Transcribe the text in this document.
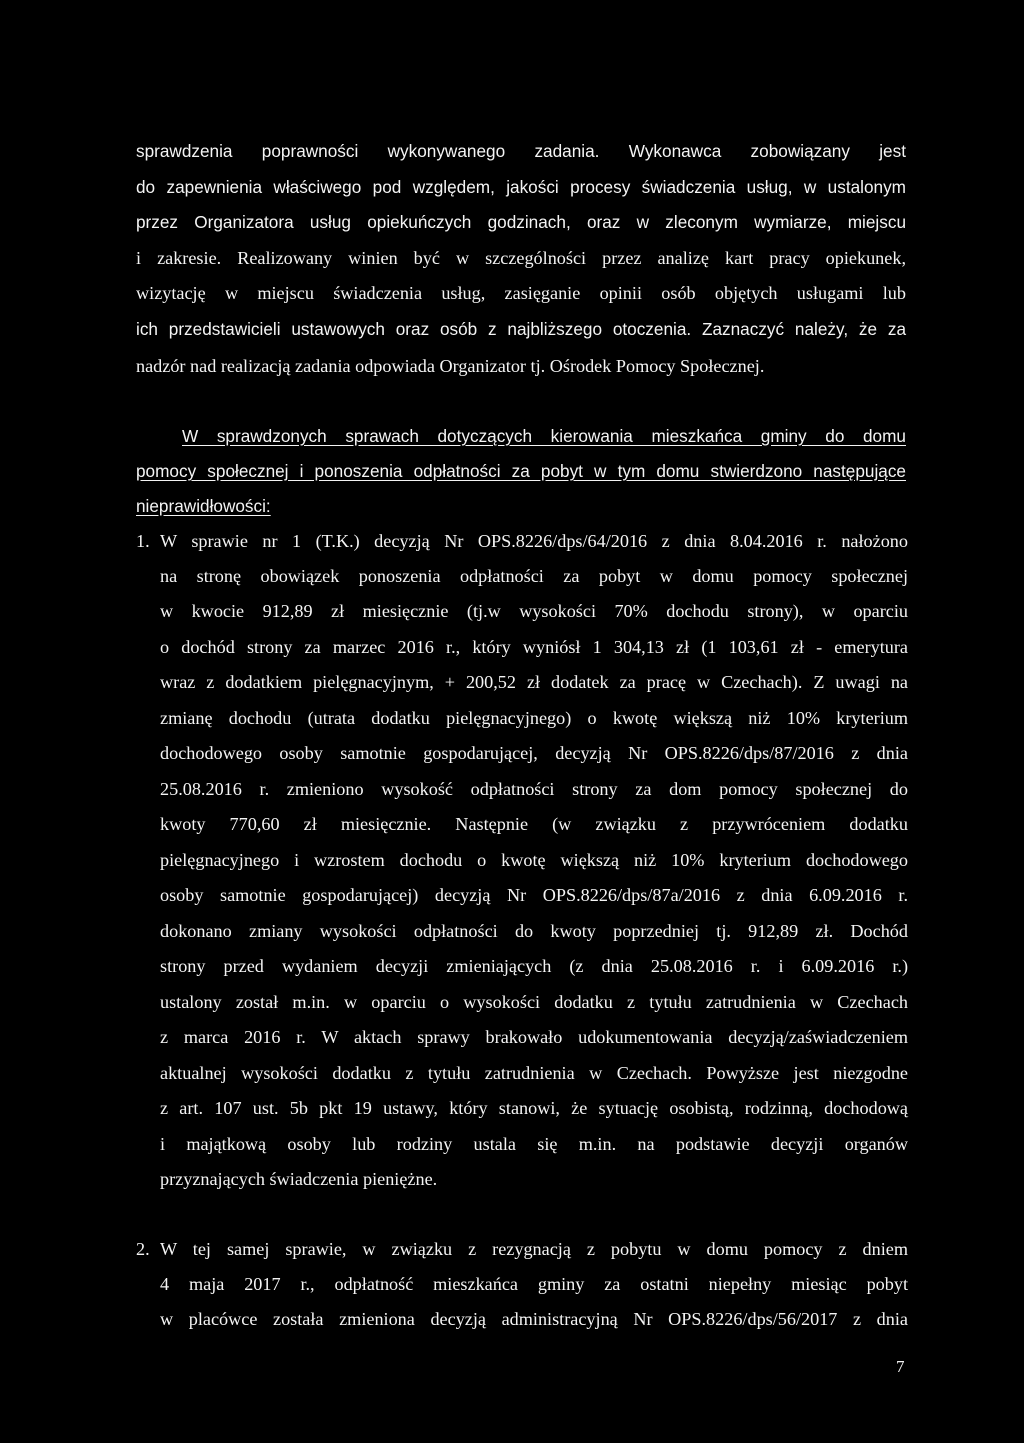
sprawdzenia poprawności wykonywanego zadania. Wykonawca zobowiązany jest
do zapewnienia właściwego pod względem, jakości procesy świadczenia usług, w ustalonym
przez Organizatora usług opiekuńczych godzinach, oraz w zleconym wymiarze, miejscu
i zakresie. Realizowany winien być w szczególności przez analizę kart pracy opiekunek,
wizytację w miejscu świadczenia usług, zasięganie opinii osób objętych usługami lub
ich przedstawicieli ustawowych oraz osób z najbliższego otoczenia. Zaznaczyć należy, że za
nadzór nad realizacją zadania odpowiada Organizator tj. Ośrodek Pomocy Społecznej.
W sprawdzonych sprawach dotyczących kierowania mieszkańca gminy do domu
pomocy społecznej i ponoszenia odpłatności za pobyt w tym domu stwierdzono następujące
nieprawidłowości:
1. W sprawie nr 1 (T.K.) decyzją Nr OPS.8226/dps/64/2016 z dnia 8.04.2016 r. nałożono
na stronę obowiązek ponoszenia odpłatności za pobyt w domu pomocy społecznej
w kwocie 912,89 zł miesięcznie (tj.w wysokości 70% dochodu strony), w oparciu
o dochód strony za marzec 2016 r., który wyniósł 1 304,13 zł (1 103,61 zł - emerytura
wraz z dodatkiem pielęgnacyjnym, + 200,52 zł dodatek za pracę w Czechach). Z uwagi na
zmianę dochodu (utrata dodatku pielęgnacyjnego) o kwotę większą niż 10% kryterium
dochodowego osoby samotnie gospodarującej, decyzją Nr OPS.8226/dps/87/2016 z dnia
25.08.2016 r. zmieniono wysokość odpłatności strony za dom pomocy społecznej do
kwoty 770,60 zł miesięcznie. Następnie (w związku z przywróceniem dodatku
pielęgnacyjnego i wzrostem dochodu o kwotę większą niż 10% kryterium dochodowego
osoby samotnie gospodarującej) decyzją Nr OPS.8226/dps/87a/2016 z dnia 6.09.2016 r.
dokonano zmiany wysokości odpłatności do kwoty poprzedniej tj. 912,89 zł. Dochód
strony przed wydaniem decyzji zmieniających (z dnia 25.08.2016 r. i 6.09.2016 r.)
ustalony został m.in. w oparciu o wysokości dodatku z tytułu zatrudnienia w Czechach
z marca 2016 r. W aktach sprawy brakowało udokumentowania decyzją/zaświadczeniem
aktualnej wysokości dodatku z tytułu zatrudnienia w Czechach. Powyższe jest niezgodne
z art. 107 ust. 5b pkt 19 ustawy, który stanowi, że sytuację osobistą, rodzinną, dochodową
i majątkową osoby lub rodziny ustala się m.in. na podstawie decyzji organów
przyznających świadczenia pieniężne.
2. W tej samej sprawie, w związku z rezygnacją z pobytu w domu pomocy z dniem
4 maja 2017 r., odpłatność mieszkańca gminy za ostatni niepełny miesiąc pobyt
w placówce została zmieniona decyzją administracyjną Nr OPS.8226/dps/56/2017 z dnia
7
